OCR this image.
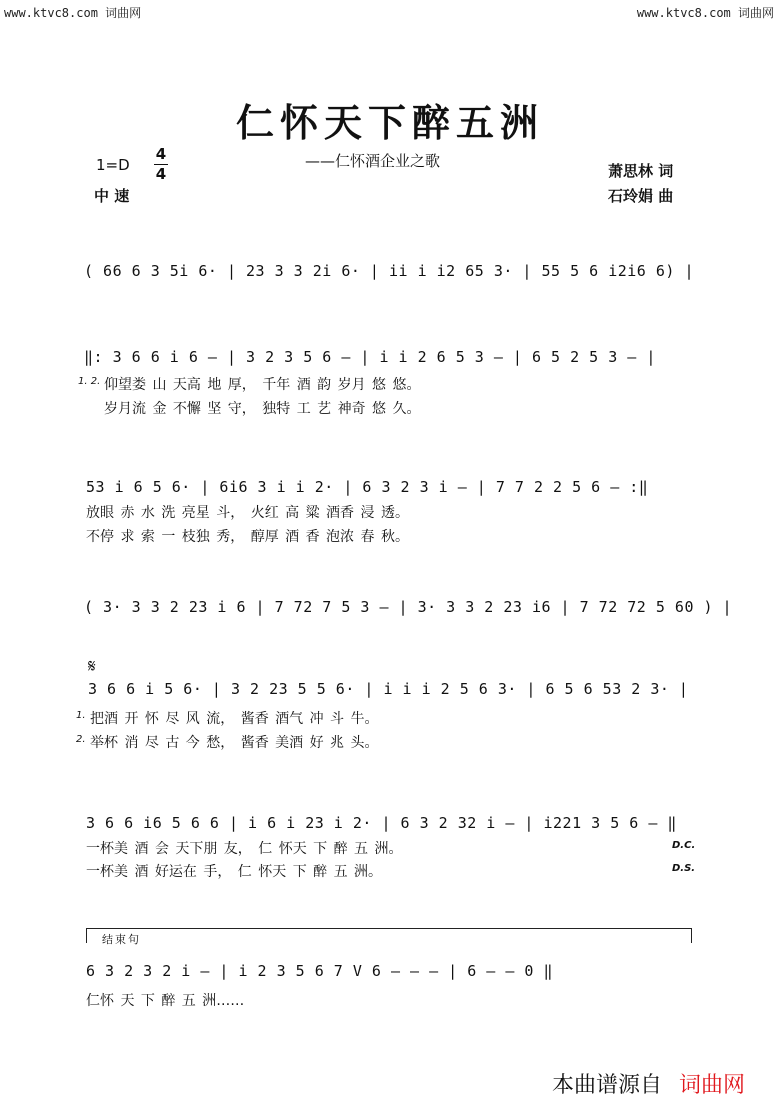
www.ktvc8.com 词曲网	www.ktvc8.com 词曲网
仁怀天下醉五洲
——仁怀酒企业之歌
1=D
4
4
中 速
萧思林 词
石玲娟 曲
( 66 6 3 5i 6· | 23 3 3 2i 6· | ii i i2 65 3· | 55 5 6 i2i6 6) |
‖: 3 6 6 i 6 – | 3 2 3 5 6 – | i i 2 6 5 3 – | 6 5 2 5 3 – |
1. 2. 仰望娄 山 天高 地 厚， 千年 酒 韵 岁月 悠 悠。
岁月流 金 不懈 坚 守， 独特 工 艺 神奇 悠 久。
53 i 6 5 6· | 6i6 3 i i 2· | 6 3 2 3 i – | 7 7 2 2 5 6 – :‖
放眼 赤 水 洗 亮星 斗， 火红 高 粱 酒香 浸 透。
不停 求 索 一 枝独 秀， 醇厚 酒 香 泡浓 春 秋。
( 3· 3 3 2 23 i 6 | 7 72 7 5 3 – | 3· 3 3 2 23 i6 | 7 72 72 5 60 ) |
𝄋
3 6 6 i 5 6· | 3 2 23 5 5 6· | i i i 2 5 6 3· | 6 5 6 53 2 3· |
1. 把酒 开 怀 尽 风 流， 酱香 酒气 冲 斗 牛。
2. 举杯 消 尽 古 今 愁， 酱香 美酒 好 兆 头。
3 6 6 i6 5 6 6 | i 6 i 23 i 2· | 6 3 2 32 i – | i221 3 5 6 – ‖
一杯美 酒 会 天下朋 友， 仁 怀天 下 醉 五 洲。	D.C.
一杯美 酒 好运在 手， 仁 怀天 下 醉 五 洲。	D.S.
结束句
6 3 2 3 2 i – | i 2 3 5 6 7 V 6 – – – | 6 – – 0 ‖
仁怀 天 下 醉 五 洲……
本曲谱源自 词曲网
